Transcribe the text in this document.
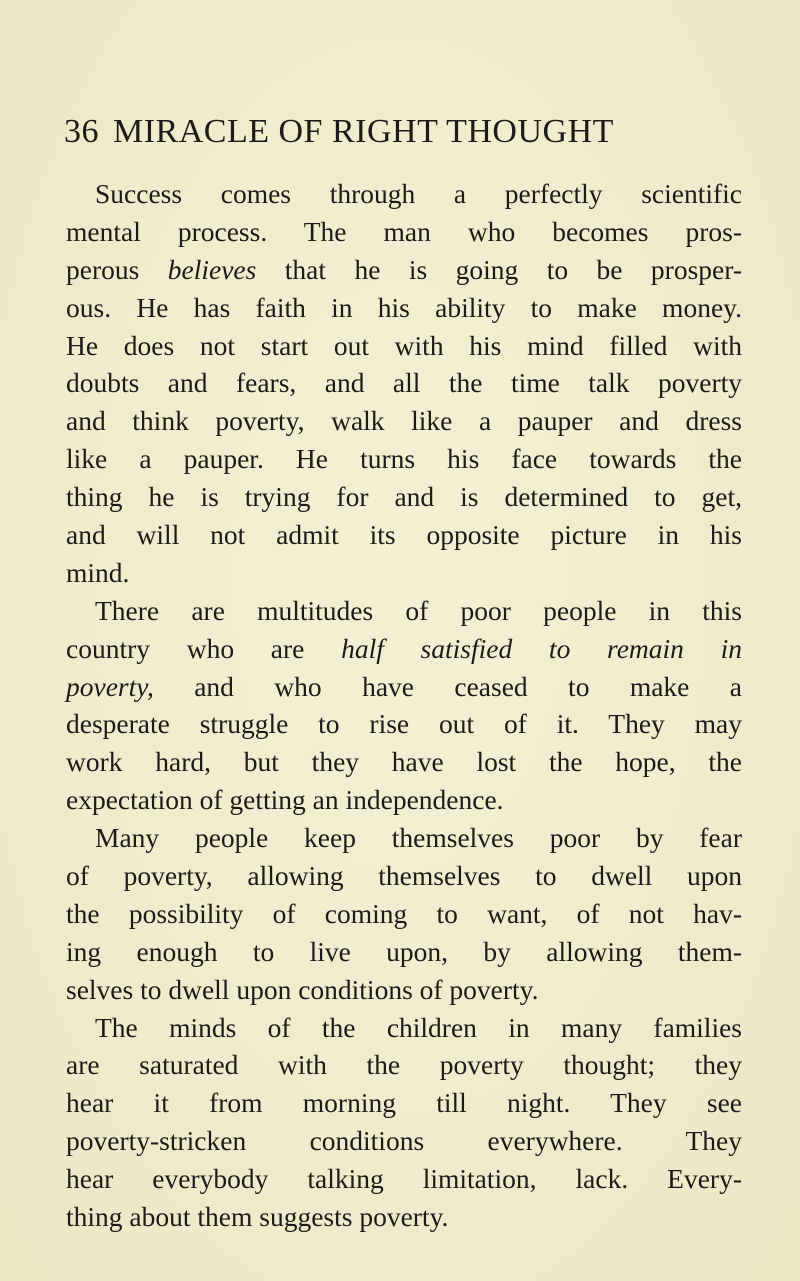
36 MIRACLE OF RIGHT THOUGHT
Success comes through a perfectly scientific
mental process. The man who becomes pros-
perous believes that he is going to be prosper-
ous. He has faith in his ability to make money.
He does not start out with his mind filled with
doubts and fears, and all the time talk poverty
and think poverty, walk like a pauper and dress
like a pauper. He turns his face towards the
thing he is trying for and is determined to get,
and will not admit its opposite picture in his
mind.
There are multitudes of poor people in this
country who are half satisfied to remain in
poverty, and who have ceased to make a
desperate struggle to rise out of it. They may
work hard, but they have lost the hope, the
expectation of getting an independence.
Many people keep themselves poor by fear
of poverty, allowing themselves to dwell upon
the possibility of coming to want, of not hav-
ing enough to live upon, by allowing them-
selves to dwell upon conditions of poverty.
The minds of the children in many families
are saturated with the poverty thought; they
hear it from morning till night. They see
poverty-stricken conditions everywhere. They
hear everybody talking limitation, lack. Every-
thing about them suggests poverty.
